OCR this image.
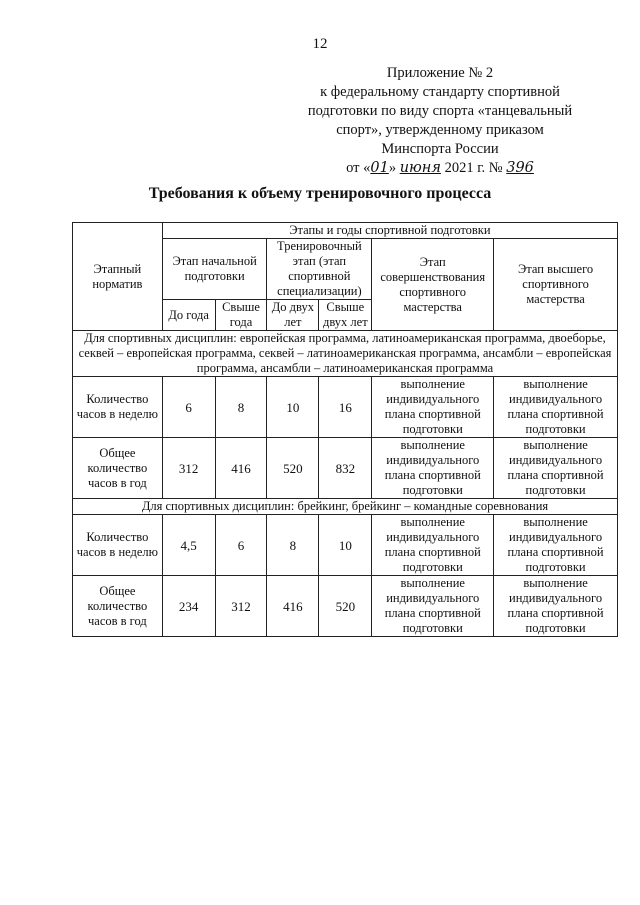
12
Приложение № 2
к федеральному стандарту спортивной
подготовки по виду спорта «танцевальный
спорт», утвержденному приказом
Минспорта России
от «01» июня 2021 г. № 396
Требования к объему тренировочного процесса
Этапный норматив	Этапы и годы спортивной подготовки					
	Этап начальной подготовки		Тренировочный этап (этап спортивной специализации)		Этап совершенствования спортивного мастерства	Этап высшего спортивного мастерства
	До года	Свыше года	До двух лет	Свыше двух лет		
Для спортивных дисциплин: европейская программа, латиноамериканская программа, двоеборье, секвей – европейская программа, секвей – латиноамериканская программа, ансамбли – европейская программа, ансамбли – латиноамериканская программа						
Количество часов в неделю	6	8	10	16	выполнение индивидуального плана спортивной подготовки	выполнение индивидуального плана спортивной подготовки
Общее количество часов в год	312	416	520	832	выполнение индивидуального плана спортивной подготовки	выполнение индивидуального плана спортивной подготовки
Для спортивных дисциплин: брейкинг, брейкинг – командные соревнования						
Количество часов в неделю	4,5	6	8	10	выполнение индивидуального плана спортивной подготовки	выполнение индивидуального плана спортивной подготовки
Общее количество часов в год	234	312	416	520	выполнение индивидуального плана спортивной подготовки	выполнение индивидуального плана спортивной подготовки
